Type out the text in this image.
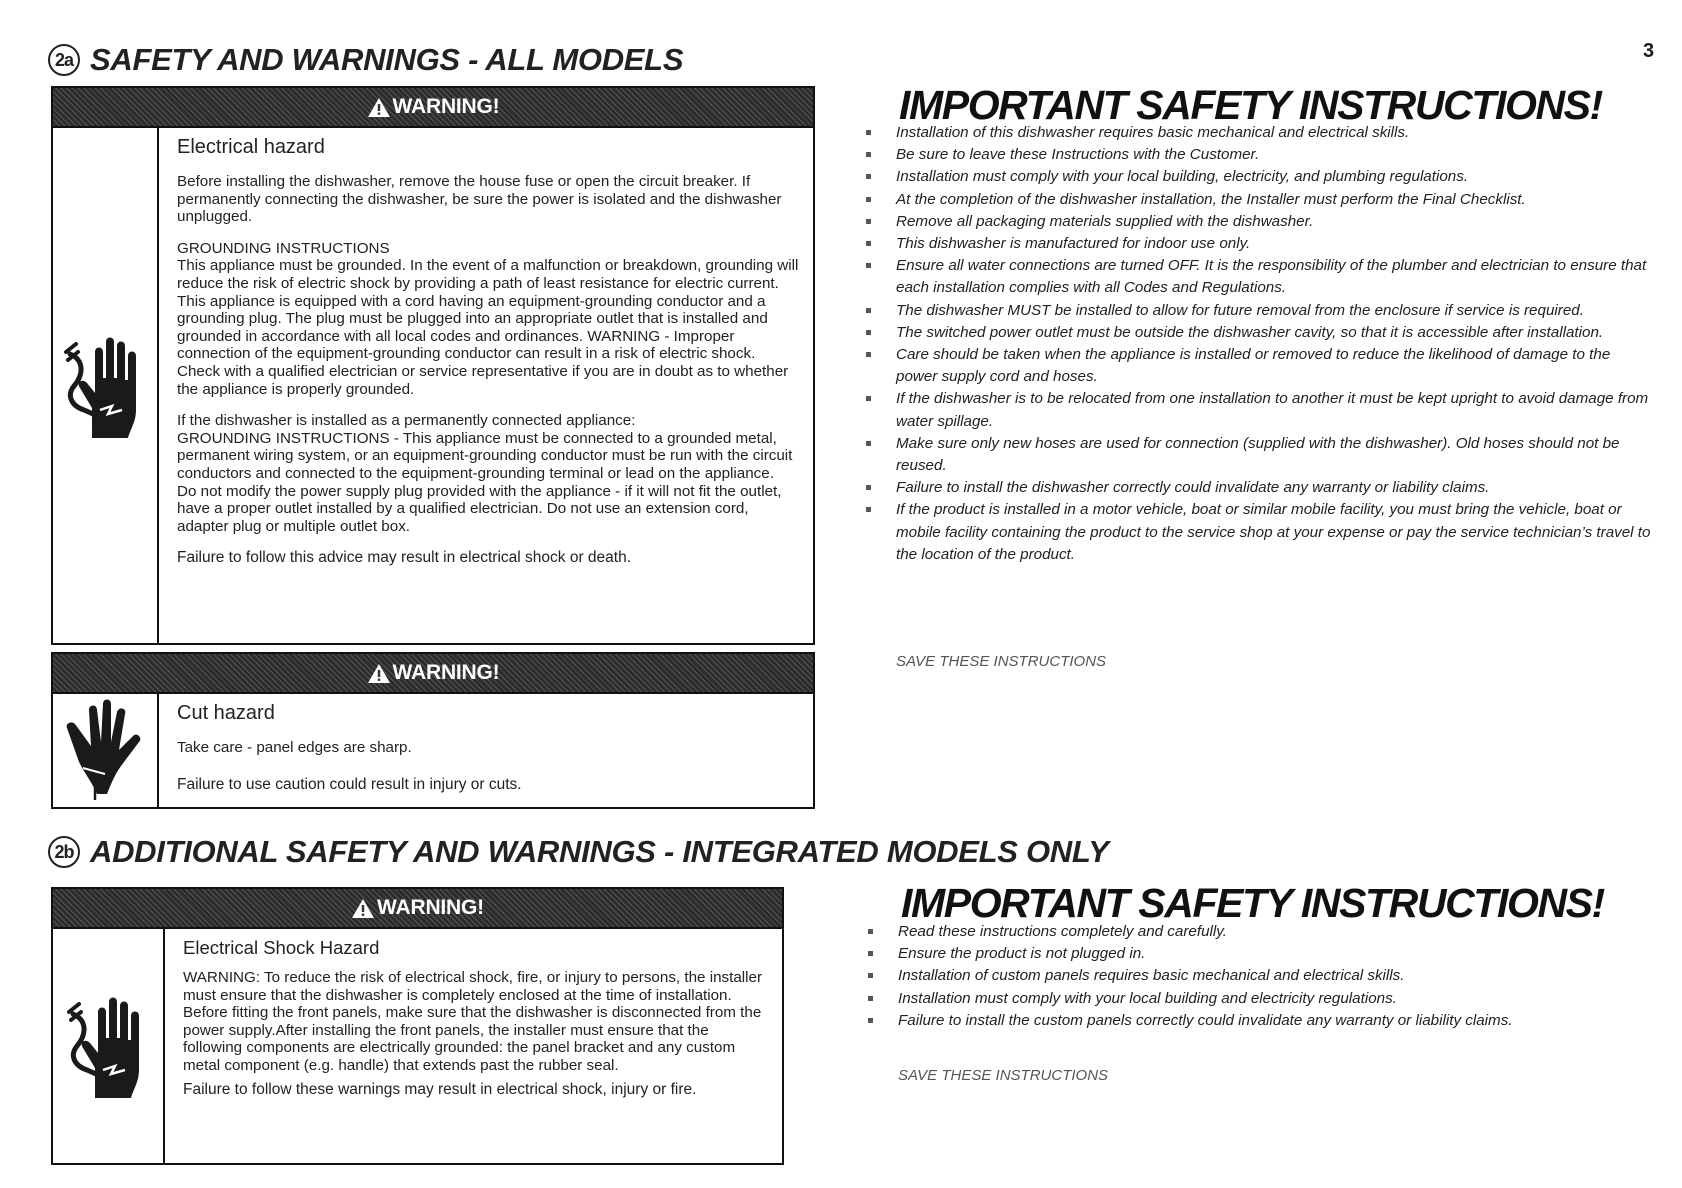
3
2a SAFETY AND WARNINGS - ALL MODELS
WARNING!
Electrical hazard

Before installing the dishwasher, remove the house fuse or open the circuit breaker. If permanently connecting the dishwasher, be sure the power is isolated and the dishwasher unplugged.

GROUNDING INSTRUCTIONS
This appliance must be grounded. In the event of a malfunction or breakdown, grounding will reduce the risk of electric shock by providing a path of least resistance for electric current. This appliance is equipped with a cord having an equipment-grounding conductor and a grounding plug. The plug must be plugged into an appropriate outlet that is installed and grounded in accordance with all local codes and ordinances. WARNING - Improper connection of the equipment-grounding conductor can result in a risk of electric shock. Check with a qualified electrician or service representative if you are in doubt as to whether the appliance is properly grounded.

If the dishwasher is installed as a permanently connected appliance:
GROUNDING INSTRUCTIONS - This appliance must be connected to a grounded metal, permanent wiring system, or an equipment-grounding conductor must be run with the circuit conductors and connected to the equipment-grounding terminal or lead on the appliance.
Do not modify the power supply plug provided with the appliance - if it will not fit the outlet, have a proper outlet installed by a qualified electrician. Do not use an extension cord, adapter plug or multiple outlet box.

Failure to follow this advice may result in electrical shock or death.

WARNING!
Cut hazard

Take care - panel edges are sharp.

Failure to use caution could result in injury or cuts.

IMPORTANT SAFETY INSTRUCTIONS!
Installation of this dishwasher requires basic mechanical and electrical skills.
Be sure to leave these Instructions with the Customer.
Installation must comply with your local building, electricity, and plumbing regulations.
At the completion of the dishwasher installation, the Installer must perform the Final Checklist.
Remove all packaging materials supplied with the dishwasher.
This dishwasher is manufactured for indoor use only.
Ensure all water connections are turned OFF. It is the responsibility of the plumber and electrician to ensure that each installation complies with all Codes and Regulations.
The dishwasher MUST be installed to allow for future removal from the enclosure if service is required.
The switched power outlet must be outside the dishwasher cavity, so that it is accessible after installation.
Care should be taken when the appliance is installed or removed to reduce the likelihood of damage to the power supply cord and hoses.
If the dishwasher is to be relocated from one installation to another it must be kept upright to avoid damage from water spillage.
Make sure only new hoses are used for connection (supplied with the dishwasher). Old hoses should not be reused.
Failure to install the dishwasher correctly could invalidate any warranty or liability claims.
If the product is installed in a motor vehicle, boat or similar mobile facility, you must bring the vehicle, boat or mobile facility containing the product to the service shop at your expense or pay the service technician’s travel to the location of the product.
SAVE THESE INSTRUCTIONS
2b ADDITIONAL SAFETY AND WARNINGS - INTEGRATED MODELS ONLY
WARNING!
Electrical Shock Hazard

WARNING: To reduce the risk of electrical shock, fire, or injury to persons, the installer must ensure that the dishwasher is completely enclosed at the time of installation.
Before fitting the front panels, make sure that the dishwasher is disconnected from the power supply.After installing the front panels, the installer must ensure that the following components are electrically grounded: the panel bracket and any custom metal component (e.g. handle) that extends past the rubber seal.

Failure to follow these warnings may result in electrical shock, injury or fire.

IMPORTANT SAFETY INSTRUCTIONS!
Read these instructions completely and carefully.
Ensure the product is not plugged in.
Installation of custom panels requires basic mechanical and electrical skills.
Installation must comply with your local building and electricity regulations.
Failure to install the custom panels correctly could invalidate any warranty or liability claims.
SAVE THESE INSTRUCTIONS
